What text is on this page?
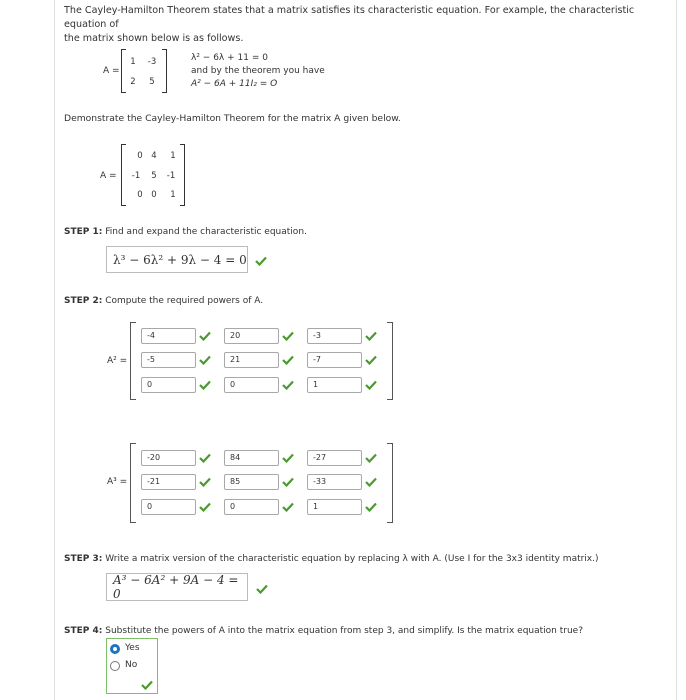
The Cayley-Hamilton Theorem states that a matrix satisfies its characteristic equation. For example, the characteristic equation of
the matrix shown below is as follows.
A =
1	-3
2	5
λ² − 6λ + 11 = 0
and by the theorem you have
A² − 6A + 11I₂ = O
Demonstrate the Cayley-Hamilton Theorem for the matrix A given below.
A =
0	4	1
-1	5	-1
0	0	1
STEP 1: Find and expand the characteristic equation.
λ³ − 6λ² + 9λ − 4 = 0
STEP 2: Compute the required powers of A.
A² =
-4	20	-3
-5	21	-7
0	0	1
A³ =
-20	84	-27
-21	85	-33
0	0	1
STEP 3: Write a matrix version of the characteristic equation by replacing λ with A. (Use I for the 3x3 identity matrix.)
A³ − 6A² + 9A − 4 = 0
STEP 4: Substitute the powers of A into the matrix equation from step 3, and simplify. Is the matrix equation true?
Yes
No
